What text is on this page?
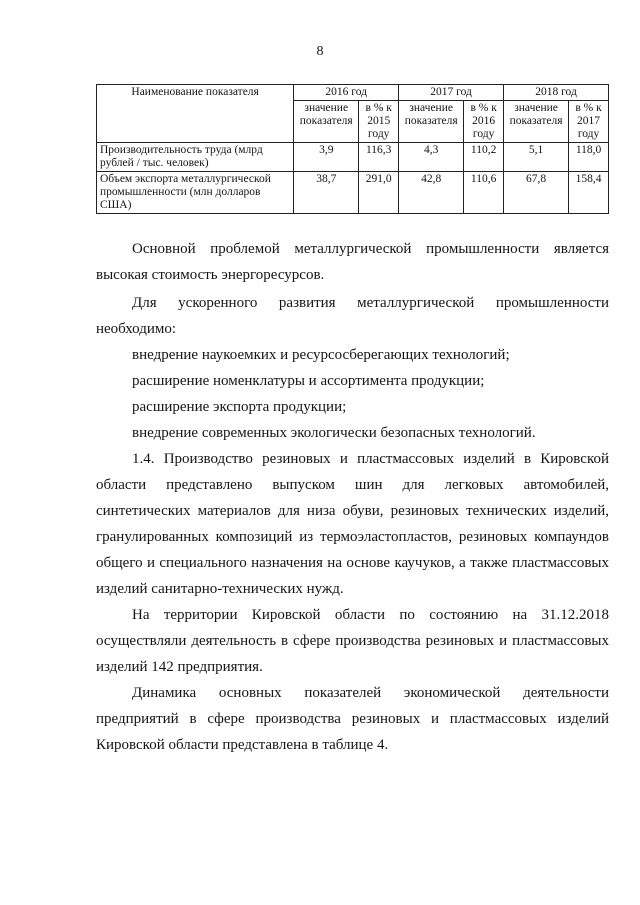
8
Наименование показателя	2016 год		2017 год		2018 год	
	значение показателя	в % к 2015 году	значение показателя	в % к 2016 году	значение показателя	в % к 2017 году
Производительность труда (млрд рублей / тыс. человек)	3,9	116,3	4,3	110,2	5,1	118,0
Объем экспорта металлургической промышленности (млн долларов США)	38,7	291,0	42,8	110,6	67,8	158,4
Основной проблемой металлургической промышленности является
высокая стоимость энергоресурсов.
Для ускоренного развития металлургической промышленности
необходимо:
внедрение наукоемких и ресурсосберегающих технологий;
расширение номенклатуры и ассортимента продукции;
расширение экспорта продукции;
внедрение современных экологически безопасных технологий.
1.4. Производство резиновых и пластмассовых изделий в Кировской
области представлено выпуском шин для легковых автомобилей,
синтетических материалов для низа обуви, резиновых технических изделий,
гранулированных композиций из термоэластопластов, резиновых компаундов
общего и специального назначения на основе каучуков, а также пластмассовых
изделий санитарно-технических нужд.
На территории Кировской области по состоянию на 31.12.2018
осуществляли деятельность в сфере производства резиновых и пластмассовых
изделий 142 предприятия.
Динамика основных показателей экономической деятельности
предприятий в сфере производства резиновых и пластмассовых изделий
Кировской области представлена в таблице 4.
